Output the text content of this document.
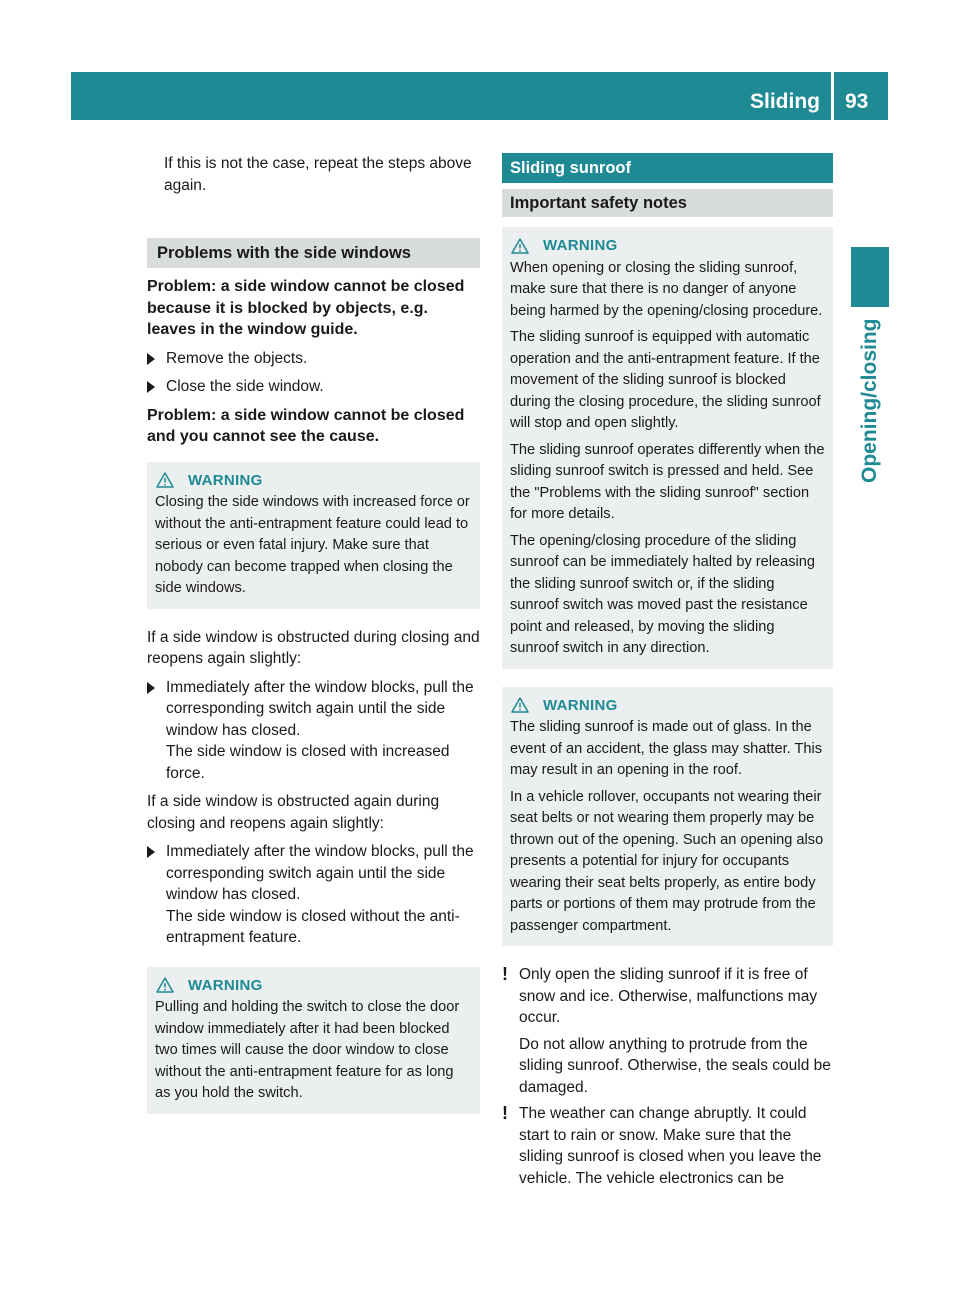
Sliding sunroof
93
Opening/closing

If this is not the case, repeat the steps above again.

Problems with the side windows

Problem: a side window cannot be closed because it is blocked by objects, e.g. leaves in the window guide.

Remove the objects.
Close the side window.

Problem: a side window cannot be closed and you cannot see the cause.

WARNING

Closing the side windows with increased force or without the anti-entrapment feature could lead to serious or even fatal injury. Make sure that nobody can become trapped when closing the side windows.

If a side window is obstructed during closing and reopens again slightly:

Immediately after the window blocks, pull the corresponding switch again until the side window has closed.
The side window is closed with increased force.

If a side window is obstructed again during closing and reopens again slightly:

Immediately after the window blocks, pull the corresponding switch again until the side window has closed.
The side window is closed without the anti-entrapment feature.
WARNING

Pulling and holding the switch to close the door window immediately after it had been blocked two times will cause the door window to close without the anti-entrapment feature for as long as you hold the switch.

Sliding sunroof
Important safety notes
WARNING

When opening or closing the sliding sunroof, make sure that there is no danger of anyone being harmed by the opening/closing procedure.

The sliding sunroof is equipped with automatic operation and the anti-entrapment feature. If the movement of the sliding sunroof is blocked during the closing procedure, the sliding sunroof will stop and open slightly.

The sliding sunroof operates differently when the sliding sunroof switch is pressed and held. See the "Problems with the sliding sunroof" section for more details.

The opening/closing procedure of the sliding sunroof can be immediately halted by releasing the sliding sunroof switch or, if the sliding sunroof switch was moved past the resistance point and released, by moving the sliding sunroof switch in any direction.

WARNING

The sliding sunroof is made out of glass. In the event of an accident, the glass may shatter. This may result in an opening in the roof.

In a vehicle rollover, occupants not wearing their seat belts or not wearing them properly may be thrown out of the opening. Such an opening also presents a potential for injury for occupants wearing their seat belts properly, as entire body parts or portions of them may protrude from the passenger compartment.

! Only open the sliding sunroof if it is free of snow and ice. Otherwise, malfunctions may occur.

Do not allow anything to protrude from the sliding sunroof. Otherwise, the seals could be damaged.

! The weather can change abruptly. It could start to rain or snow. Make sure that the sliding sunroof is closed when you leave the vehicle. The vehicle electronics can be
